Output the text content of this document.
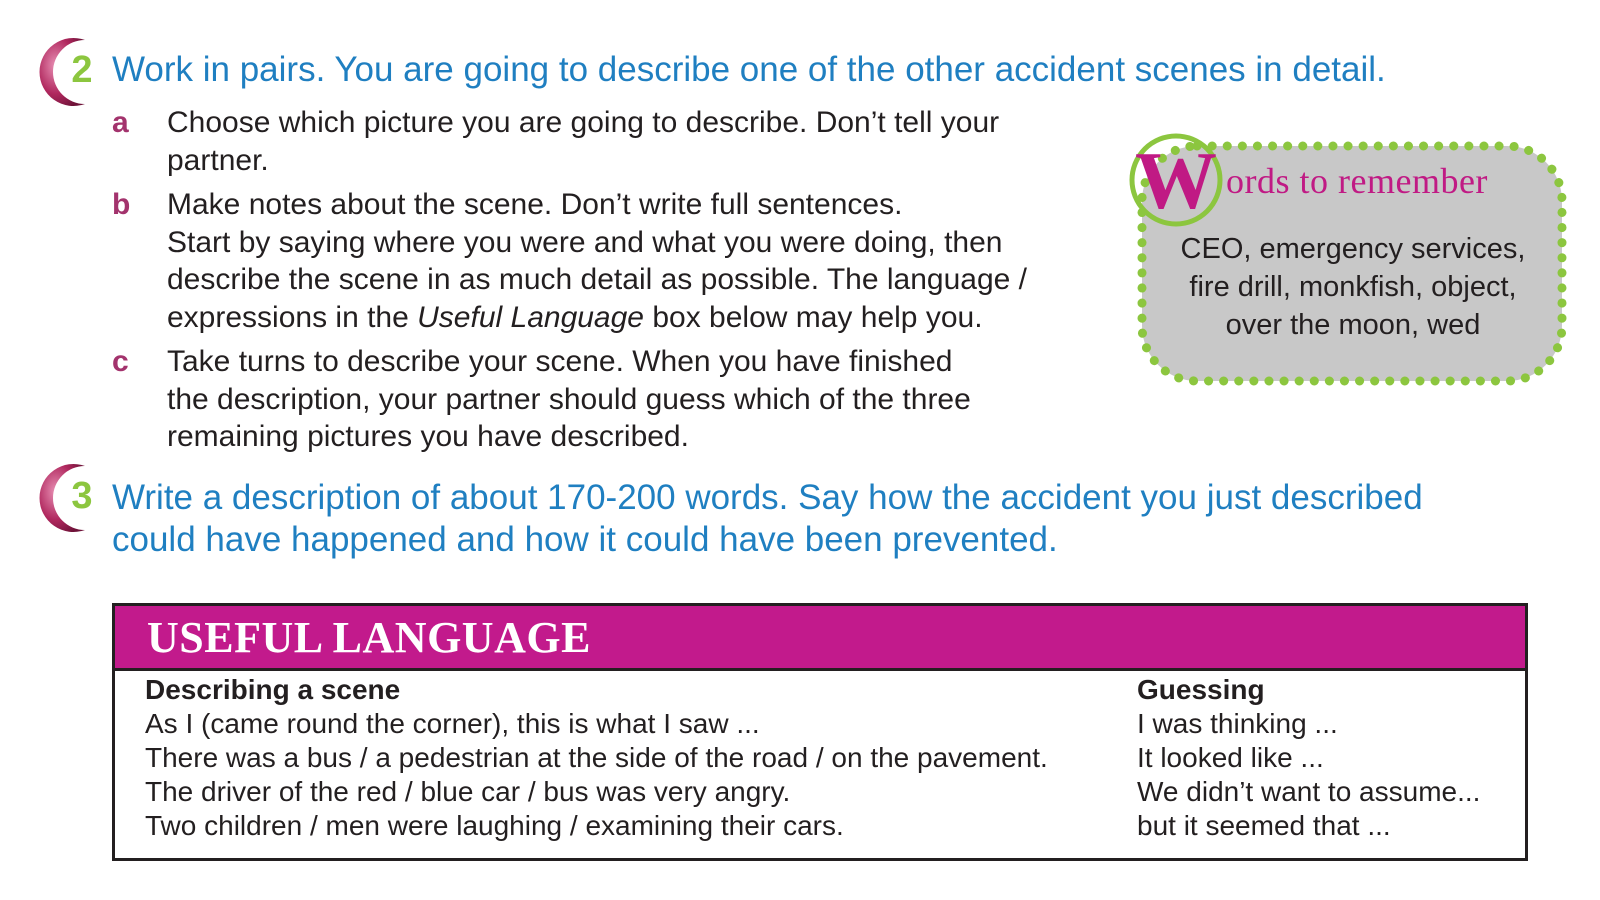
2 Work in pairs. You are going to describe one of the other accident scenes in detail.
a Choose which picture you are going to describe. Don’t tell your
partner.
b Make notes about the scene. Don’t write full sentences.
Start by saying where you were and what you were doing, then
describe the scene in as much detail as possible. The language /
expressions in the Useful Language box below may help you.
c Take turns to describe your scene. When you have finished
the description, your partner should guess which of the three
remaining pictures you have described.
3 Write a description of about 170-200 words. Say how the accident you just described
could have happened and how it could have been prevented.
W ords to remember
CEO, emergency services,
fire drill, monkfish, object,
over the moon, wed
USEFUL LANGUAGE
Describing a scene
As I (came round the corner), this is what I saw ...
There was a bus / a pedestrian at the side of the road / on the pavement.
The driver of the red / blue car / bus was very angry.
Two children / men were laughing / examining their cars.
Guessing
I was thinking ...
It looked like ...
We didn’t want to assume...
but it seemed that ...
